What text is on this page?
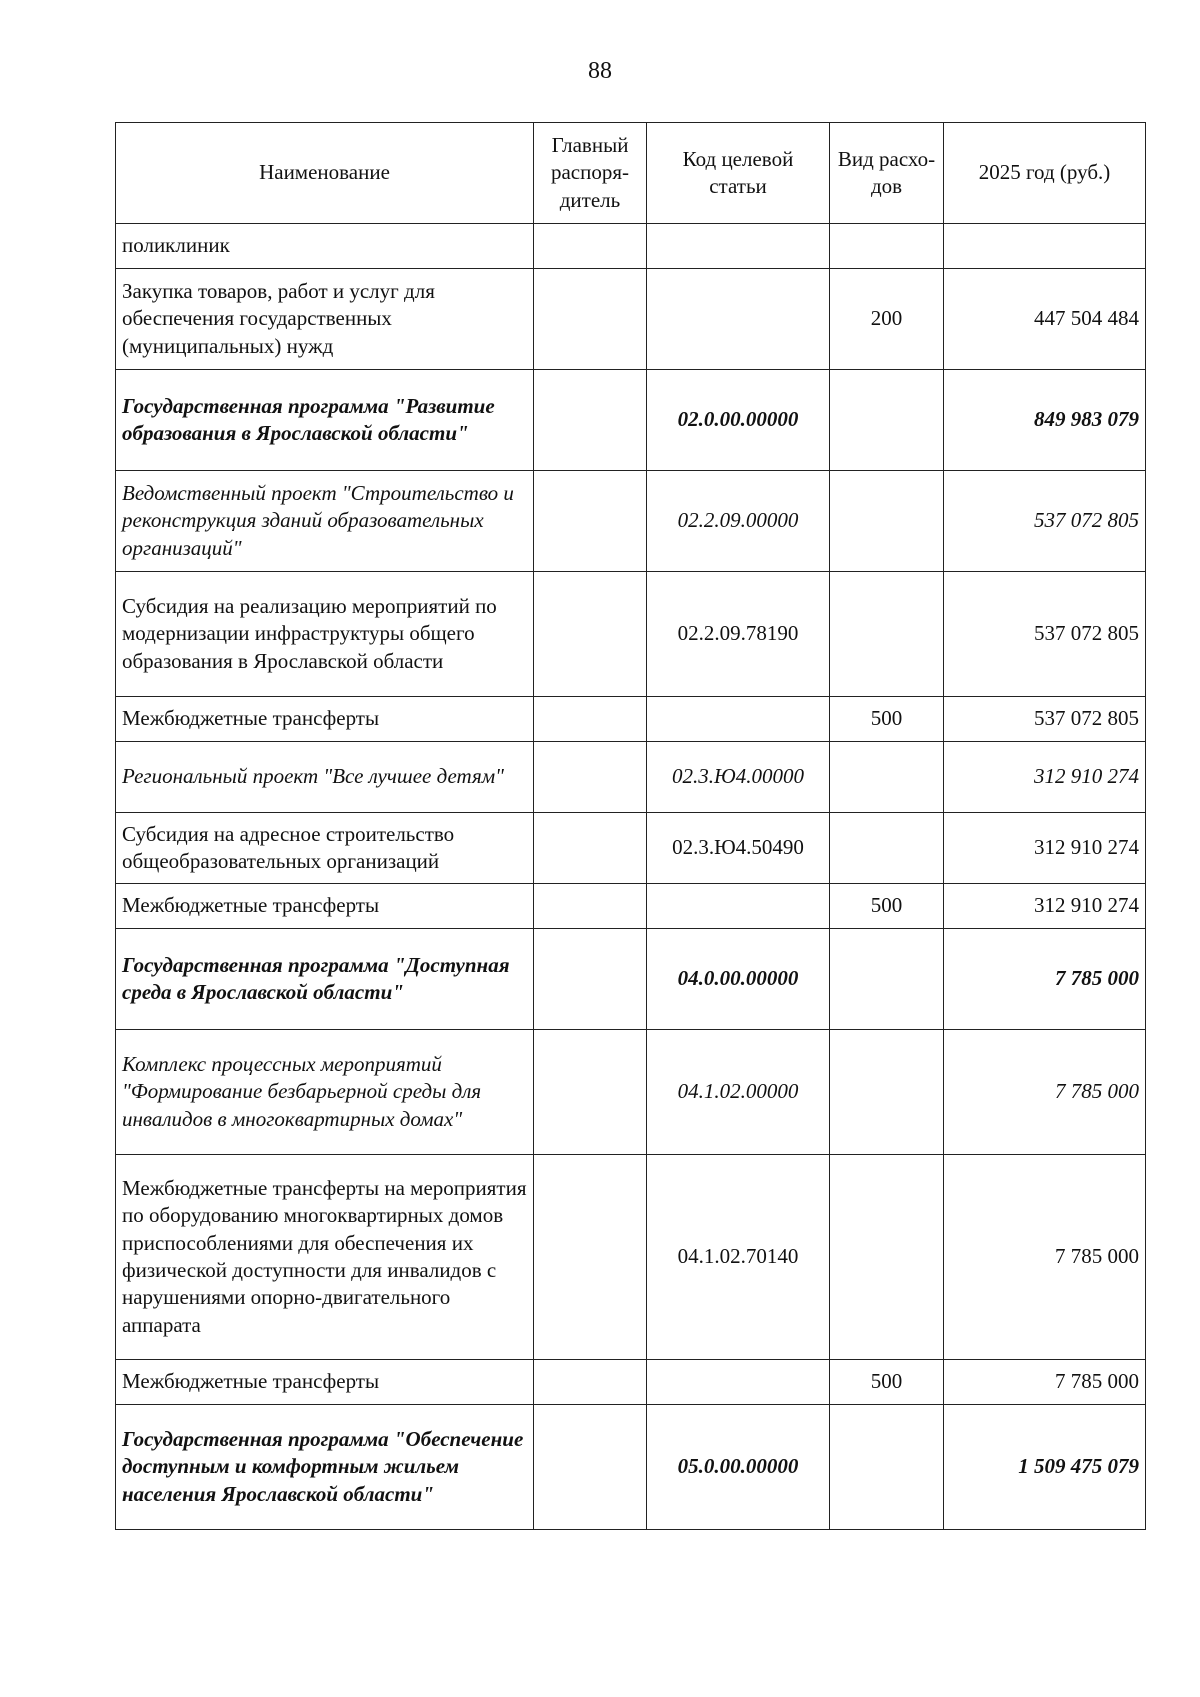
88
Наименование	Главный распоря-дитель	Код целевой статьи	Вид расхо-дов	2025 год (руб.)
поликлиник				
Закупка товаров, работ и услуг для обеспечения государственных (муниципальных) нужд			200	447 504 484
Государственная программа "Развитие образования в Ярославской области"		02.0.00.00000		849 983 079
Ведомственный проект "Строительство и реконструкция зданий образовательных организаций"		02.2.09.00000		537 072 805
Субсидия на реализацию мероприятий по модернизации инфраструктуры общего образования в Ярославской области		02.2.09.78190		537 072 805
Межбюджетные трансферты			500	537 072 805
Региональный проект "Все лучшее детям"		02.3.Ю4.00000		312 910 274
Субсидия на адресное строительство общеобразовательных организаций		02.3.Ю4.50490		312 910 274
Межбюджетные трансферты			500	312 910 274
Государственная программа "Доступная среда в Ярославской области"		04.0.00.00000		7 785 000
Комплекс процессных мероприятий "Формирование безбарьерной среды для инвалидов в многоквартирных домах"		04.1.02.00000		7 785 000
Межбюджетные трансферты на мероприятия по оборудованию многоквартирных домов приспособлениями для обеспечения их физической доступности для инвалидов с нарушениями опорно-двигательного аппарата		04.1.02.70140		7 785 000
Межбюджетные трансферты			500	7 785 000
Государственная программа "Обеспечение доступным и комфортным жильем населения Ярославской области"		05.0.00.00000		1 509 475 079
